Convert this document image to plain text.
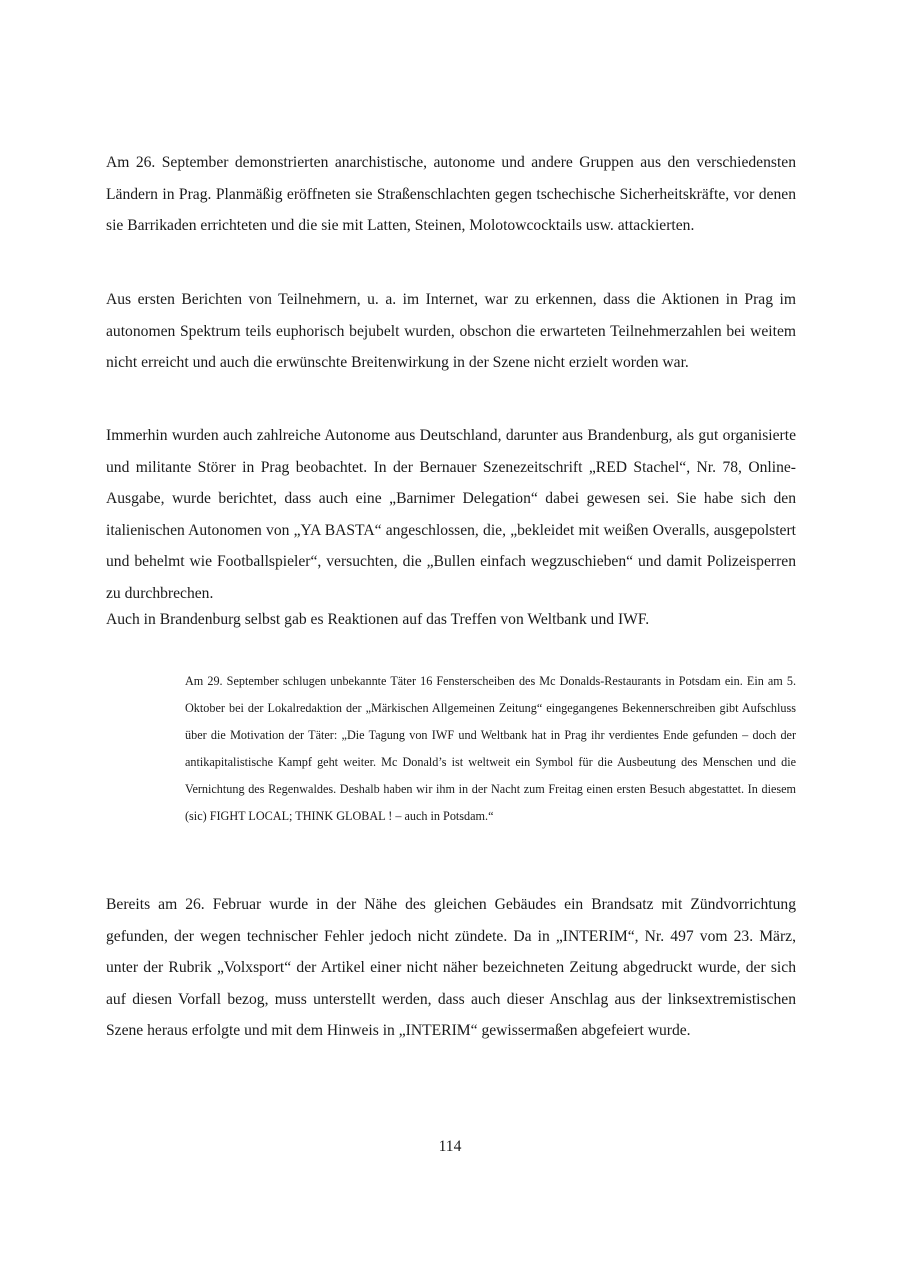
Am 26. September demonstrierten anarchistische, autonome und andere Gruppen aus den verschiedensten Ländern in Prag. Planmäßig eröffneten sie Straßenschlachten gegen tschechische Sicherheitskräfte, vor denen sie Barrikaden errichteten und die sie mit Latten, Steinen, Molotowcocktails usw. attackierten.

Aus ersten Berichten von Teilnehmern, u. a. im Internet, war zu erkennen, dass die Aktionen in Prag im autonomen Spektrum teils euphorisch bejubelt wurden, obschon die erwarteten Teilnehmerzahlen bei weitem nicht erreicht und auch die erwünschte Breitenwirkung in der Szene nicht erzielt worden war.

Immerhin wurden auch zahlreiche Autonome aus Deutschland, darunter aus Brandenburg, als gut organisierte und militante Störer in Prag beobachtet. In der Bernauer Szenezeitschrift „RED Stachel“, Nr. 78, Online-Ausgabe, wurde berichtet, dass auch eine „Barnimer Delegation“ dabei gewesen sei. Sie habe sich den italienischen Autonomen von „YA BASTA“ angeschlossen, die, „bekleidet mit weißen Overalls, ausgepolstert und behelmt wie Footballspieler“, versuchten, die „Bullen einfach wegzuschieben“ und damit Polizeisperren zu durchbrechen.

Auch in Brandenburg selbst gab es Reaktionen auf das Treffen von Weltbank und IWF.

Am 29. September schlugen unbekannte Täter 16 Fensterscheiben des Mc Donalds-Restaurants in Potsdam ein. Ein am 5. Oktober bei der Lokalredaktion der „Märkischen Allgemeinen Zeitung“ eingegangenes Bekennerschreiben gibt Aufschluss über die Motivation der Täter: „Die Tagung von IWF und Weltbank hat in Prag ihr verdientes Ende gefunden – doch der antikapitalistische Kampf geht weiter. Mc Donald’s ist weltweit ein Symbol für die Ausbeutung des Menschen und die Vernichtung des Regenwaldes. Deshalb haben wir ihm in der Nacht zum Freitag einen ersten Besuch abgestattet. In diesem (sic) FIGHT LOCAL; THINK GLOBAL ! – auch in Potsdam.“

Bereits am 26. Februar wurde in der Nähe des gleichen Gebäudes ein Brandsatz mit Zündvorrichtung gefunden, der wegen technischer Fehler jedoch nicht zündete. Da in „INTERIM“, Nr. 497 vom 23. März, unter der Rubrik „Volxsport“ der Artikel einer nicht näher bezeichneten Zeitung abgedruckt wurde, der sich auf diesen Vorfall bezog, muss unterstellt werden, dass auch dieser Anschlag aus der linksextremistischen Szene heraus erfolgte und mit dem Hinweis in „INTERIM“ gewissermaßen abgefeiert wurde.

114
